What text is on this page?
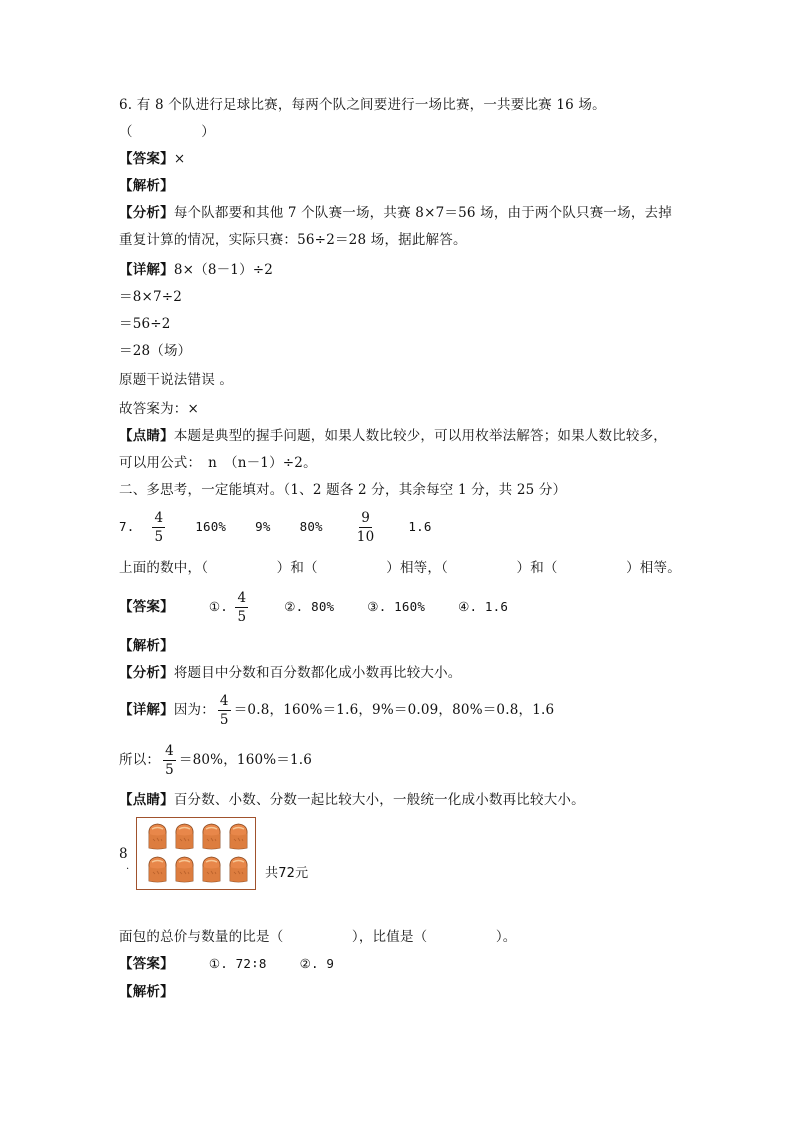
6. 有 8 个队进行足球比赛，每两个队之间要进行一场比赛，一共要比赛 16 场。
（　　　　　）
【答案】×
【解析】
【分析】每个队都要和其他 7 个队赛一场，共赛 8×7＝56 场，由于两个队只赛一场，去掉
重复计算的情况，实际只赛：56÷2＝28 场，据此解答。
【详解】8×（8－1）÷2
＝8×7÷2
＝56÷2
＝28（场）
原题干说法错误 。
故答案为：×
【点睛】本题是典型的握手问题，如果人数比较少，可以用枚举法解答；如果人数比较多，
可以用公式：　n　（n－1）÷2。
二、多思考，一定能填对。（1、2 题各 2 分，其余每空 1 分，共 25 分）
7. $\frac{4}{5} 160\%$ 9% $80\% \frac{9}{10}$	1.6
上面的数中，（　　　　　）和（　　　　　）相等，（　　　　　）和（　　　　　）相等。
【答案】	①. $\frac{4}{5}$	②. 80%	③. 160%	④. 1.6
【解析】
【分析】将题目中分数和百分数都化成小数再比较大小。
【详解】因为： $\frac{4}{5} =0.8$，160%＝1.6，9%＝0.09，80%＝0.8，1.6
所以： $\frac{4}{5} =80\%$，160%＝1.6
【点睛】百分数、小数、分数一起比较大小，一般统一化成小数再比较大小。
8
.	共72元
面包的总价与数量的比是（　　　　　），比值是（　　　　　）。
【答案】	①. 72∶8	②. 9
【解析】
